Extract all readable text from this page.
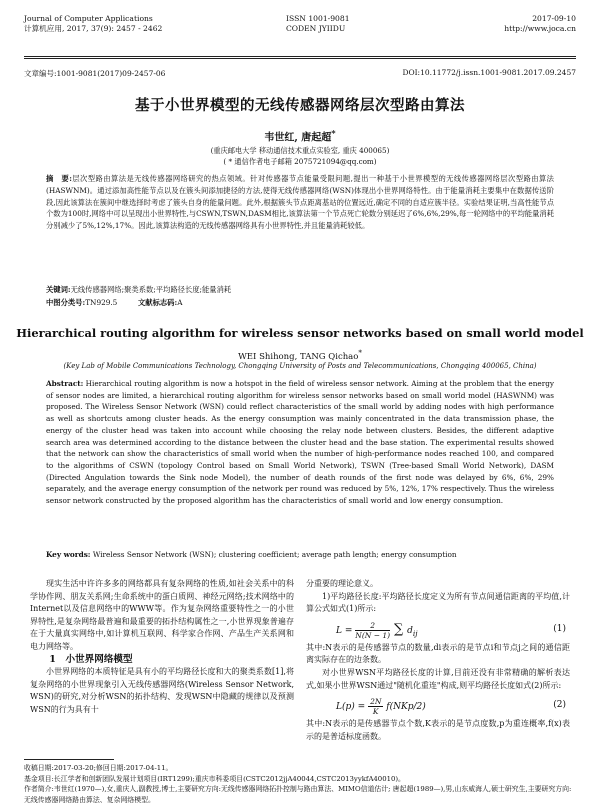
Journal of Computer Applications
计算机应用, 2017, 37(9): 2457 - 2462
ISSN 1001-9081
CODEN JYIIDU
2017-09-10
http://www.joca.cn
文章编号:1001-9081(2017)09-2457-06	DOI:10.11772/j.issn.1001-9081.2017.09.2457
基于小世界模型的无线传感器网络层次型路由算法
韦世红, 唐起超*
(重庆邮电大学 移动通信技术重点实验室, 重庆 400065)
( * 通信作者电子邮箱 2075721094@qq.com)
摘　要:层次型路由算法是无线传感器网络研究的热点领域。针对传感器节点能量受限问题,提出一种基于小世界模型的无线传感器网络层次型路由算法(HASWNM)。通过添加高性能节点以及在簇头间添加捷径的方法,使得无线传感器网络(WSN)体现出小世界网络特性。由于能量消耗主要集中在数据传送阶段,因此该算法在簇间中继选择时考虑了簇头自身的能量问题。此外,根据簇头节点距离基站的位置远近,确定不同的自适应簇半径。实验结果证明,当高性能节点个数为100时,网络中可以呈现出小世界特性,与CSWN,TSWN,DASM相比,该算法第一个节点死亡轮数分别延迟了6%,6%,29%,每一轮网络中的平均能量消耗分别减少了5%,12%,17%。因此,该算法构造的无线传感器网络具有小世界特性,并且能量消耗较低。
关键词:无线传感器网络;聚类系数;平均路径长度;能量消耗
中图分类号:TN929.5	文献标志码:A
Hierarchical routing algorithm for wireless sensor networks based on small world model
WEI Shihong, TANG Qichao*
(Key Lab of Mobile Communications Technology, Chongqing University of Posts and Telecommunications, Chongqing 400065, China)
Abstract: Hierarchical routing algorithm is now a hotspot in the field of wireless sensor network. Aiming at the problem that the energy of sensor nodes are limited, a hierarchical routing algorithm for wireless sensor networks based on small world model (HASWNM) was proposed. The Wireless Sensor Network (WSN) could reflect characteristics of the small world by adding nodes with high performance as well as shortcuts among cluster heads. As the energy consumption was mainly concentrated in the data transmission phase, the energy of the cluster head was taken into account while choosing the relay node between clusters. Besides, the different adaptive search area was determined according to the distance between the cluster head and the base station. The experimental results showed that the network can show the characteristics of small world when the number of high-performance nodes reached 100, and compared to the algorithms of CSWN (topology Control based on Small World Network), TSWN (Tree-based Small World Network), DASM (Directed Angulation towards the Sink node Model), the number of death rounds of the first node was delayed by 6%, 6%, 29% separately, and the average energy consumption of the network per round was reduced by 5%, 12%, 17% respectively. Thus the wireless sensor network constructed by the proposed algorithm has the characteristics of small world and low energy consumption.
Key words: Wireless Sensor Network (WSN); clustering coefficient; average path length; energy consumption

现实生活中许许多多的网络都具有复杂网络的性质,如社会关系中的科学协作网、朋友关系网;生命系统中的蛋白质网、神经元网络;技术网络中的Internet以及信息网络中的WWW等。作为复杂网络重要特性之一的小世界特性,是复杂网络最普遍和最重要的拓扑结构属性之一,小世界现象普遍存在于大量真实网络中,如计算机互联网、科学家合作网、产品生产关系网和电力网络等。

1　小世界网络模型

小世界网络的本质特征是具有小的平均路径长度和大的聚类系数[1],将复杂网络的小世界现象引入无线传感器网络(Wireless Sensor Network, WSN)的研究,对分析WSN的拓扑结构、发现WSN中隐藏的规律以及预测WSN的行为具有十

分重要的理论意义。

1)平均路径长度:平均路径长度定义为所有节点间通信距离的平均值,计算公式如式(1)所示:

$L = \frac{2}{N(N - 1)}$ ∑ $d_{ij}$	(1)

其中:N表示的是传感器节点的数量,di表示的是节点i和节点j之间的通信距离实际存在的边条数。

对小世界WSN平均路径长度的计算,目前还没有非常精确的解析表达式,如果小世界WSN通过"随机化重连"构成,则平均路径长度如式(2)所示:

$L(p) = \frac{2N}{K} f(NKp/2)$	(2)

其中:N表示的是传感器节点个数,K表示的是节点度数,p为重连概率,f(x)表示的是普适标度函数。

收稿日期:2017-03-20;修回日期:2017-04-11。
基金项目:长江学者和创新团队发展计划项目(IRT1299);重庆市科委项目(CSTC2012jjA40044,CSTC2013yykfA40010)。
作者简介:韦世红(1970—),女,重庆人,副教授,博士,主要研究方向:无线传感器网络拓扑控制与路由算法、MIMO信道估计; 唐起超(1989—),男,山东威海人,硕士研究生,主要研究方向:无线传感器网络路由算法、复杂网络模型。
